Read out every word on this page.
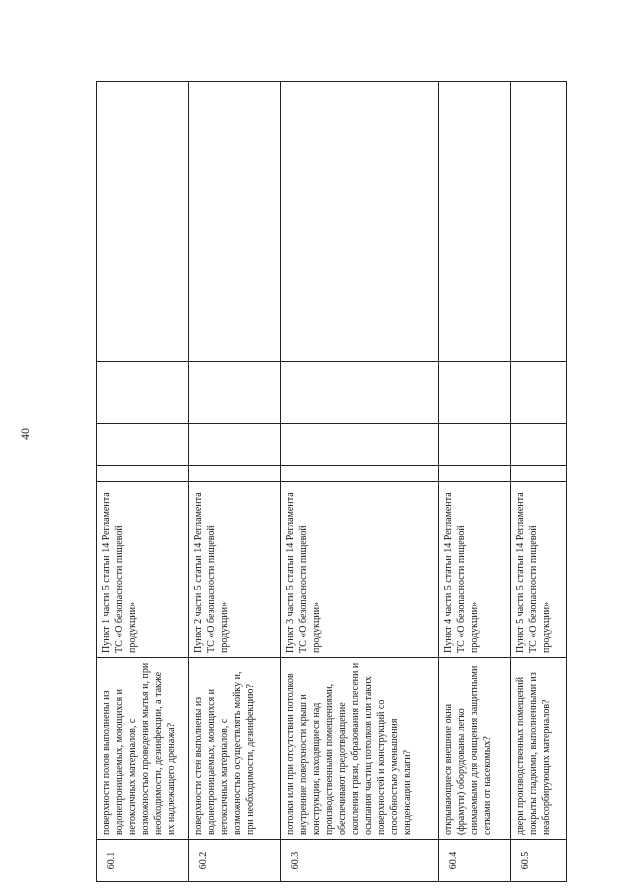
40
60.1	поверхности полов выполнены из водонепроницаемых, моющихся и нетоксичных материалов, с возможностью проведения мытья и, при необходимости, дезинфекции, а также их надлежащего дренажа?	Пункт 1 части 5 статьи 14 Регламента ТС «О безопасности пищевой продукции»				
60.2	поверхности стен выполнены из водонепроницаемых, моющихся и нетоксичных материалов, с возможностью осуществлять мойку и, при необходимости, дезинфекцию?	Пункт 2 части 5 статьи 14 Регламента ТС «О безопасности пищевой продукции»				
60.3	потолки или при отсутствии потолков внутренние поверхности крыш и конструкции, находящиеся над производственными помещениями, обеспечивают предотвращение скопления грязи, образования плесени и осыпания частиц потолков или таких поверхностей и конструкций со способностью уменьшения конденсации влаги?	Пункт 3 части 5 статьи 14 Регламента ТС «О безопасности пищевой продукции»				
60.4	открывающиеся внешние окна (фрамуги) оборудованы легко снимаемыми для очищения защитными сетками от насекомых?	Пункт 4 части 5 статьи 14 Регламента ТС «О безопасности пищевой продукции»				
60.5	двери производственных помещений покрыты гладкими, выполненными из неабсорбирующих материалов?	Пункт 5 части 5 статьи 14 Регламента ТС «О безопасности пищевой продукции»				
